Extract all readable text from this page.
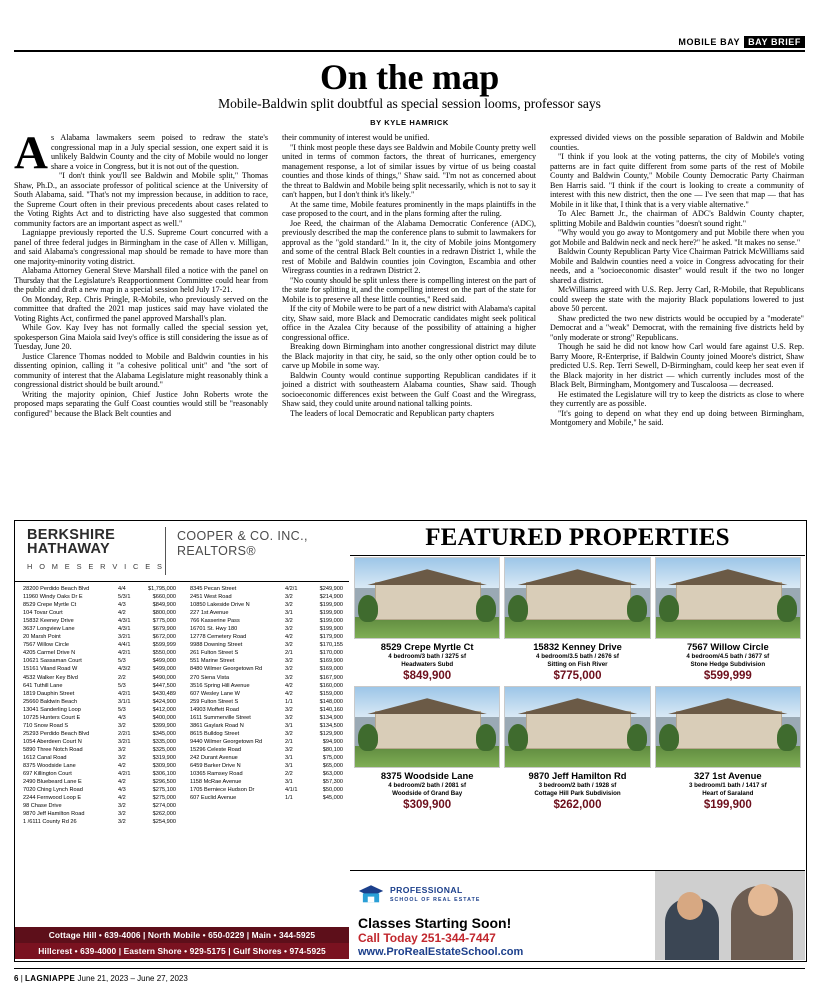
MOBILE BAY BAY BRIEF
On the map
Mobile-Baldwin split doubtful as special session looms, professor says
BY KYLE HAMRICK

As Alabama lawmakers seem poised to redraw the state's congressional map in a July special session, one expert said it is unlikely Baldwin County and the city of Mobile would no longer share a voice in Congress, but it is not out of the question.

"I don't think you'll see Baldwin and Mobile split," Thomas Shaw, Ph.D., an associate professor of political science at the University of South Alabama, said. "That's not my impression because, in addition to race, the Supreme Court often in their previous precedents about cases related to the Voting Rights Act and to districting have also suggested that common community factors are an important aspect as well."

Lagniappe previously reported the U.S. Supreme Court concurred with a panel of three federal judges in Birmingham in the case of Allen v. Milligan, and said Alabama's congressional map should be remade to have more than one majority-minority voting district.

Alabama Attorney General Steve Marshall filed a notice with the panel on Thursday that the Legislature's Reapportionment Committee could hear from the public and draft a new map in a special session held July 17-21.

On Monday, Rep. Chris Pringle, R-Mobile, who previously served on the committee that drafted the 2021 map justices said may have violated the Voting Rights Act, confirmed the panel approved Marshall's plan.

While Gov. Kay Ivey has not formally called the special session yet, spokesperson Gina Maiola said Ivey's office is still considering the issue as of Tuesday, June 20.

Justice Clarence Thomas nodded to Mobile and Baldwin counties in his dissenting opinion, calling it "a cohesive political unit" and "the sort of community of interest that the Alabama Legislature might reasonably think a congressional district should be built around."

Writing the majority opinion, Chief Justice John Roberts wrote the proposed maps separating the Gulf Coast counties would still be "reasonably configured" because the Black Belt counties and

their community of interest would be unified.

"I think most people these days see Baldwin and Mobile County pretty well united in terms of common factors, the threat of hurricanes, emergency management response, a lot of similar issues by virtue of us being coastal counties and those kinds of things," Shaw said. "I'm not as concerned about the threat to Baldwin and Mobile being split necessarily, which is not to say it can't happen, but I don't think it's likely."

At the same time, Mobile features prominently in the maps plaintiffs in the case proposed to the court, and in the plans forming after the ruling.

Joe Reed, the chairman of the Alabama Democratic Conference (ADC), previously described the map the conference plans to submit to lawmakers for approval as the "gold standard." In it, the city of Mobile joins Montgomery and some of the central Black Belt counties in a redrawn District 1, while the rest of Mobile and Baldwin counties join Covington, Escambia and other Wiregrass counties in a redrawn District 2.

"No county should be split unless there is compelling interest on the part of the state for splitting it, and the compelling interest on the part of the state for Mobile is to preserve all these little counties," Reed said.

If the city of Mobile were to be part of a new district with Alabama's capital city, Shaw said, more Black and Democratic candidates might seek political office in the Azalea City because of the possibility of attaining a higher congressional office.

Breaking down Birmingham into another congressional district may dilute the Black majority in that city, he said, so the only other option could be to carve up Mobile in some way.

Baldwin County would continue supporting Republican candidates if it joined a district with southeastern Alabama counties, Shaw said. Though socioeconomic differences exist between the Gulf Coast and the Wiregrass, Shaw said, they could unite around national talking points.

The leaders of local Democratic and Republican party chapters

expressed divided views on the possible separation of Baldwin and Mobile counties.

"I think if you look at the voting patterns, the city of Mobile's voting patterns are in fact quite different from some parts of the rest of Mobile County and Baldwin County," Mobile County Democratic Party Chairman Ben Harris said. "I think if the court is looking to create a community of interest with this new district, then the one — I've seen that map — that has Mobile in it like that, I think that is a very viable alternative."

To Alec Barnett Jr., the chairman of ADC's Baldwin County chapter, splitting Mobile and Baldwin counties "doesn't sound right."

"Why would you go away to Montgomery and put Mobile there when you got Mobile and Baldwin neck and neck here?" he asked. "It makes no sense."

Baldwin County Republican Party Vice Chairman Patrick McWilliams said Mobile and Baldwin counties need a voice in Congress advocating for their needs, and a "socioeconomic disaster" would result if the two no longer shared a district.

McWilliams agreed with U.S. Rep. Jerry Carl, R-Mobile, that Republicans could sweep the state with the majority Black populations lowered to just above 50 percent.

Shaw predicted the two new districts would be occupied by a "moderate" Democrat and a "weak" Democrat, with the remaining five districts held by "only moderate or strong" Republicans.

Though he said he did not know how Carl would fare against U.S. Rep. Barry Moore, R-Enterprise, if Baldwin County joined Moore's district, Shaw predicted U.S. Rep. Terri Sewell, D-Birmingham, could keep her seat even if the Black majority in her district — which currently includes most of the Black Belt, Birmingham, Montgomery and Tuscaloosa — decreased.

He estimated the Legislature will try to keep the districts as close to where they currently are as possible.

"It's going to depend on what they end up doing between Birmingham, Montgomery and Mobile," he said.

BERKSHIRE
HATHAWAY
H O M E S E R V I C E S
COOPER & CO. INC.,
REALTORS®
28200 Perdido Beach Blvd	4/4	$1,795,000
11960 Windy Oaks Dr E	5/3/1	$660,000
8529 Crepe Myrtle Ct	4/3	$849,900
104 Tovar Court	4/2	$800,000
15832 Keeney Drive	4/3/1	$775,000
3637 Longview Lane	4/3/1	$679,900
20 Marsh Point	3/2/1	$672,000
7567 Willow Circle	4/4/1	$599,999
4205 Carmel Drive N	4/2/1	$550,000
10621 Sassaman Court	5/3	$499,000
15161 Viland Road W	4/3/2	$499,000
4532 Walker Key Blvd	2/2	$490,000
641 Tuthill Lane	5/3	$447,500
1819 Dauphin Street	4/2/1	$430,489
25660 Baldwin Beach	3/1/1	$424,900
13041 Sanderling Loop	5/3	$412,000
10725 Hunters Court E	4/3	$400,000
710 Snow Road S	3/2	$399,900
25293 Perdido Beach Blvd	2/2/1	$345,000
1054 Aberdeen Court N	3/2/1	$335,000
5890 Three Notch Road	3/2	$325,000
1612 Canal Road	3/2	$319,900
8375 Woodside Lane	4/2	$309,900
697 Killington Court	4/2/1	$306,100
2490 Bluebeard Lane E	4/2	$296,500
7020 Ching Lynch Road	4/3	$275,100
2244 Fernwood Loop E	4/2	$275,000
98 Chase Drive	3/2	$274,000
9870 Jeff Hamilton Road	3/2	$262,000
1 /6111 County Rd 26	3/2	$254,900
8345 Pecan Street	4/2/1	$249,900
2451 West Road	3/2	$214,900
10850 Lakeside Drive N	3/2	$199,900
227 1st Avenue	3/1	$199,900
766 Kasserine Pass	3/2	$199,000
16701 St. Hwy 180	3/2	$199,900
12778 Cemetery Road	4/2	$179,900
9988 Downing Street	3/2	$170,155
261 Fulton Street S	2/1	$170,000
551 Marine Street	3/2	$169,900
8480 Wilmer Georgetown Rd	3/2	$169,000
270 Siena Vista	3/2	$167,900
3516 Spring Hill Avenue	4/2	$160,000
607 Wesley Lane W	4/2	$159,000
259 Fulton Street S	1/1	$148,000
14903 Moffett Road	3/2	$140,160
1611 Summerville Street	3/2	$134,900
3861 Gaylark Road N	3/1	$134,500
8615 Bulldog Street	3/2	$129,900
9440 Wilmer Georgetown Rd	2/1	$94,900
15296 Celeste Road	3/2	$80,100
242 Durant Avenue	3/1	$75,000
6459 Barker Drive N	3/1	$65,000
10365 Ramsey Road	2/2	$63,000
1158 McRae Avenue	3/1	$57,300
1705 Berniece Hudson Dr	4/1/1	$50,000
607 Euclid Avenue	1/1	$45,000
Cottage Hill • 639-4006 | North Mobile • 650-0229 | Main • 344-5925
Hillcrest • 639-4000 | Eastern Shore • 929-5175 | Gulf Shores • 974-5925
FEATURED PROPERTIES
8529 Crepe Myrtle Ct
4 bedroom/3 bath / 3275 sf
Headwaters Subd
$849,900
15832 Kenney Drive
4 bedroom/3.5 bath / 2676 sf
Sitting on Fish River
$775,000
7567 Willow Circle
4 bedroom/4.5 bath / 3677 sf
Stone Hedge Subdivision
$599,999
8375 Woodside Lane
4 bedroom/2 bath / 2081 sf
Woodside of Grand Bay
$309,900
9870 Jeff Hamilton Rd
3 bedroom/2 bath / 1928 sf
Cottage Hill Park Subdivision
$262,000
327 1st Avenue
3 bedroom/1 bath / 1417 sf
Heart of Saraland
$199,900
PROFESSIONAL
SCHOOL OF REAL ESTATE
Classes Starting Soon!
Call Today 251-344-7447
www.ProRealEstateSchool.com
6 | LAGNIAPPE June 21, 2023 – June 27, 2023
